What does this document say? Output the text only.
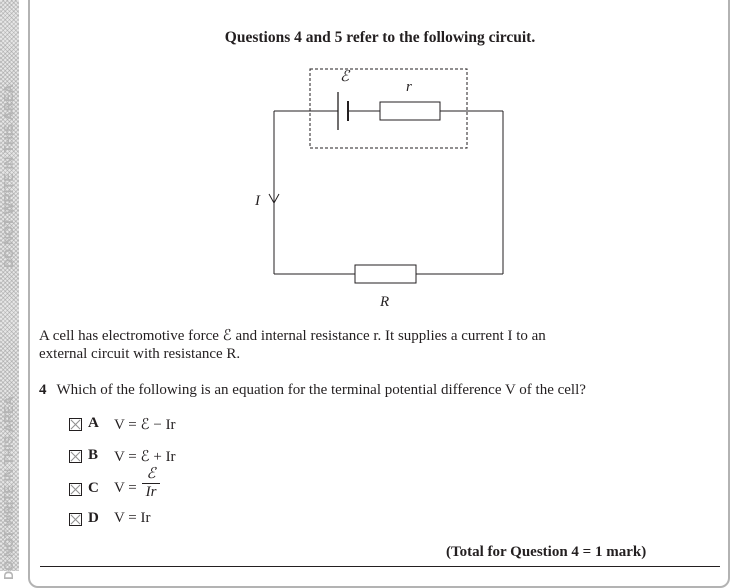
DO NOT WRITE IN THIS AREA
DO NOT WRITE IN THIS AREA
Questions 4 and 5 refer to the following circuit.
ℰ
r
I
R
A cell has electromotive force ℰ and internal resistance r. It supplies a current I to an
external circuit with resistance R.
4 Which of the following is an equation for the terminal potential difference V of the cell?
A V = ℰ − Ir
B V = ℰ + Ir
C V =
ℰ
Ir
D V = Ir
(Total for Question 4 = 1 mark)
